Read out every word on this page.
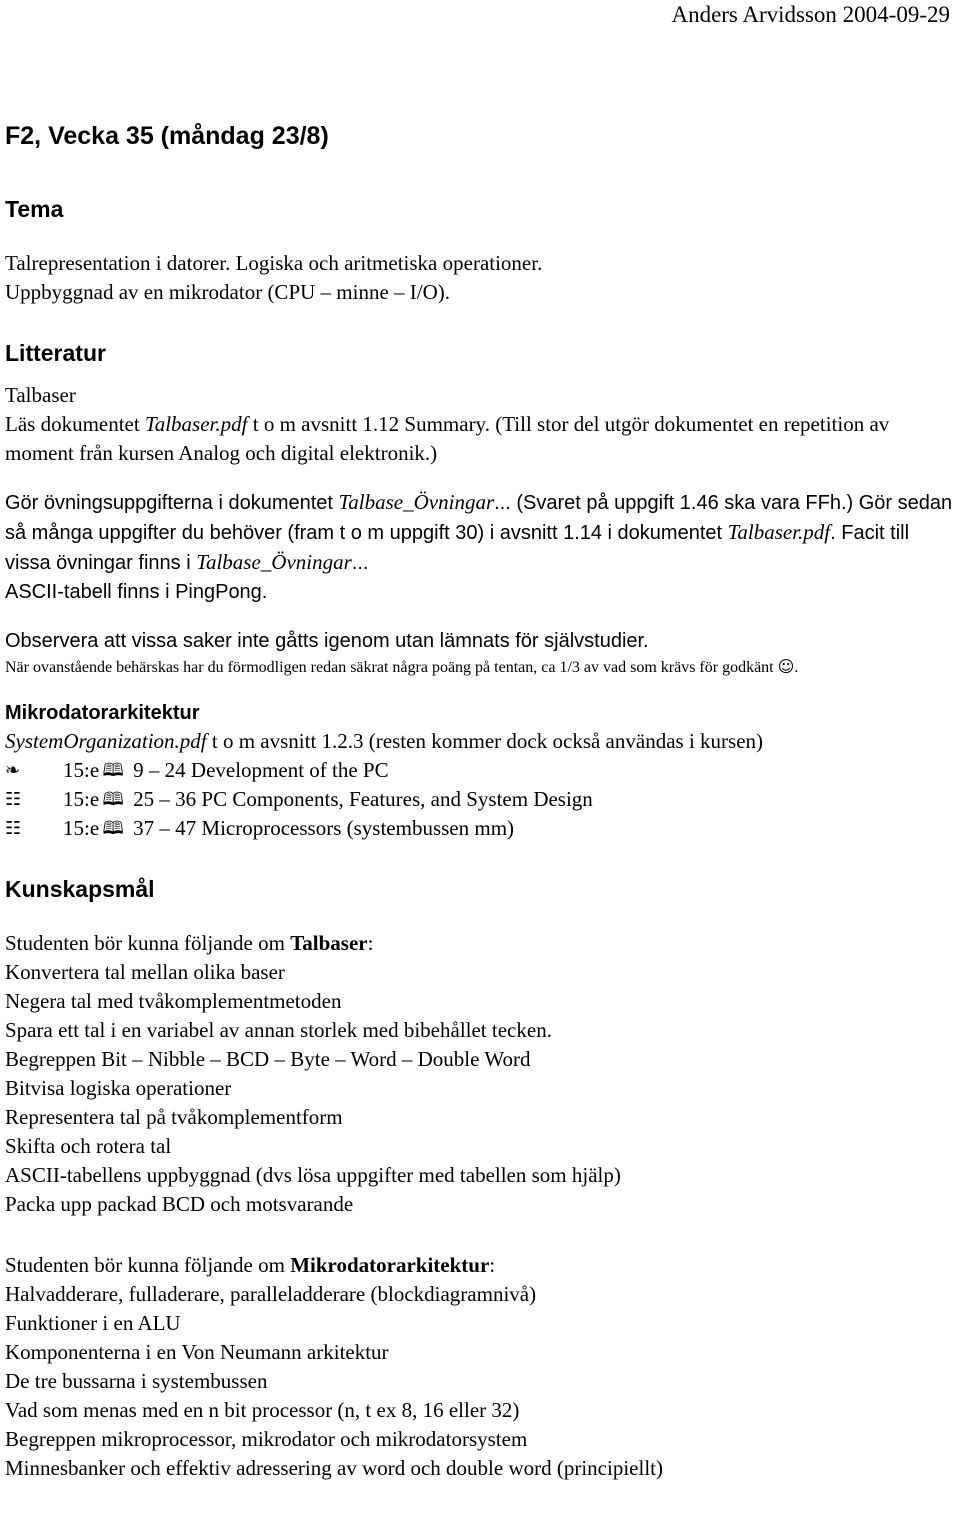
Anders Arvidsson 2004-09-29
F2, Vecka 35 (måndag 23/8)
Tema

Talrepresentation i datorer. Logiska och aritmetiska operationer.

Uppbyggnad av en mikrodator (CPU – minne – I/O).

Litteratur

Talbaser

Läs dokumentet Talbaser.pdf t o m avsnitt 1.12 Summary. (Till stor del utgör dokumentet en repetition av moment från kursen Analog och digital elektronik.)

Gör övningsuppgifterna i dokumentet Talbase_Övningar... (Svaret på uppgift 1.46 ska vara FFh.) Gör sedan så många uppgifter du behöver (fram t o m uppgift 30) i avsnitt 1.14 i dokumentet Talbaser.pdf. Facit till vissa övningar finns i Talbase_Övningar...
ASCII-tabell finns i PingPong.

Observera att vissa saker inte gåtts igenom utan lämnats för självstudier.

När ovanstående behärskas har du förmodligen redan säkrat några poäng på tentan, ca 1/3 av vad som krävs för godkänt ☺.

Mikrodatorarkitektur

SystemOrganization.pdf t o m avsnitt 1.2.3 (resten kommer dock också användas i kursen)

❧	15:e 🕮 9 – 24 Development of the PC
☷	15:e 🕮 25 – 36 PC Components, Features, and System Design
☷	15:e 🕮 37 – 47 Microprocessors (systembussen mm)
Kunskapsmål

Studenten bör kunna följande om Talbaser:

Konvertera tal mellan olika baser
Negera tal med tvåkomplementmetoden
Spara ett tal i en variabel av annan storlek med bibehållet tecken.
Begreppen Bit – Nibble – BCD – Byte – Word – Double Word
Bitvisa logiska operationer
Representera tal på tvåkomplementform
Skifta och rotera tal
ASCII-tabellens uppbyggnad (dvs lösa uppgifter med tabellen som hjälp)
Packa upp packad BCD och motsvarande

Studenten bör kunna följande om Mikrodatorarkitektur:

Halvadderare, fulladerare, paralleladderare (blockdiagramnivå)
Funktioner i en ALU
Komponenterna i en Von Neumann arkitektur
De tre bussarna i systembussen
Vad som menas med en n bit processor (n, t ex 8, 16 eller 32)
Begreppen mikroprocessor, mikrodator och mikrodatorsystem
Minnesbanker och effektiv adressering av word och double word (principiellt)
